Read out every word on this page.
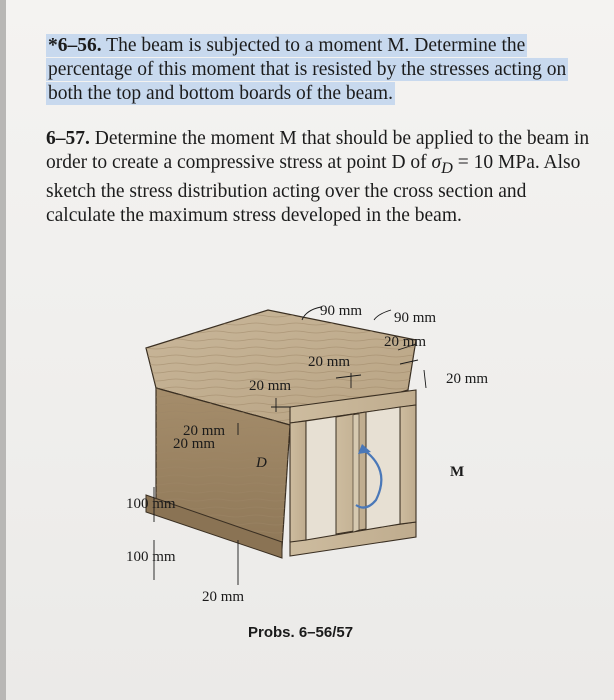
*6–56. The beam is subjected to a moment M. Determine the percentage of this moment that is resisted by the stresses acting on both the top and bottom boards of the beam.

6–57. Determine the moment M that should be applied to the beam in order to create a compressive stress at point D of $\sigma_D = 10$ MPa. Also sketch the stress distribution acting over the cross section and calculate the maximum stress developed in the beam.

90 mm 90 mm
20 mm
20 mm
20 mm	20 mm
20 mm
20 mm
D
M
100 mm
100 mm
20 mm
Probs. 6–56/57
